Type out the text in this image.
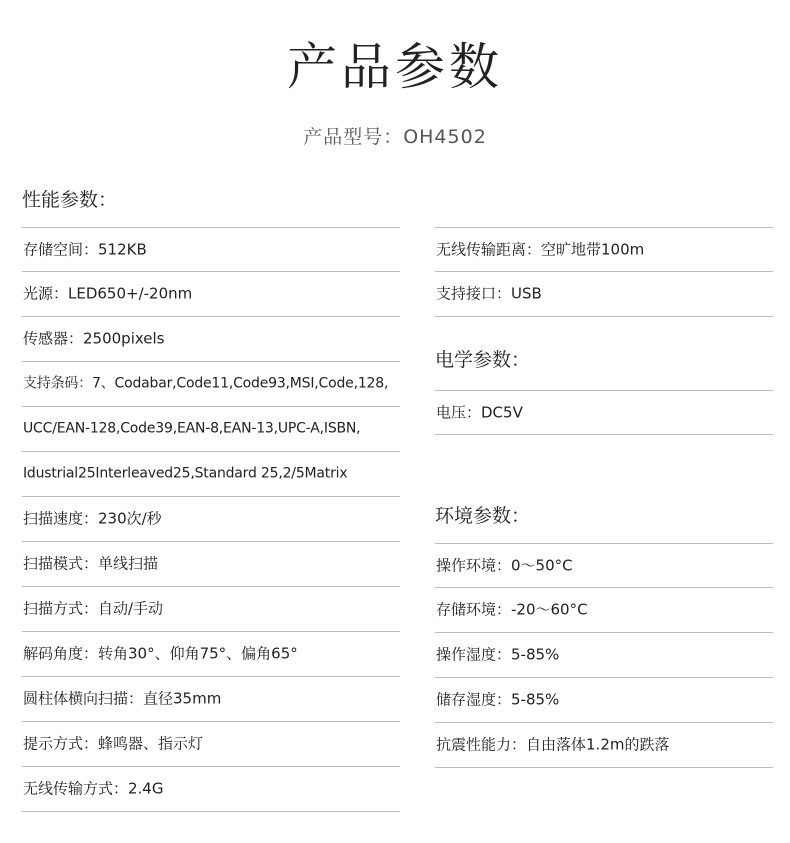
产品参数
产品型号：OH4502
性能参数：
存储空间：512KB
光源：LED650+/-20nm
传感器：2500pixels
支持条码：7、Codabar,Code11,Code93,MSI,Code,128,
UCC/EAN-128,Code39,EAN-8,EAN-13,UPC-A,ISBN,
Idustrial25Interleaved25,Standard 25,2/5Matrix
扫描速度：230次/秒
扫描模式：单线扫描
扫描方式：自动/手动
解码角度：转角30°、仰角75°、偏角65°
圆柱体横向扫描：直径35mm
提示方式：蜂鸣器、指示灯
无线传输方式：2.4G
无线传输距离：空旷地带100m
支持接口：USB
电学参数：
电压：DC5V
环境参数：
操作环境：0～50°C
存储环境：-20～60°C
操作湿度：5-85%
储存湿度：5-85%
抗震性能力：自由落体1.2m的跌落
